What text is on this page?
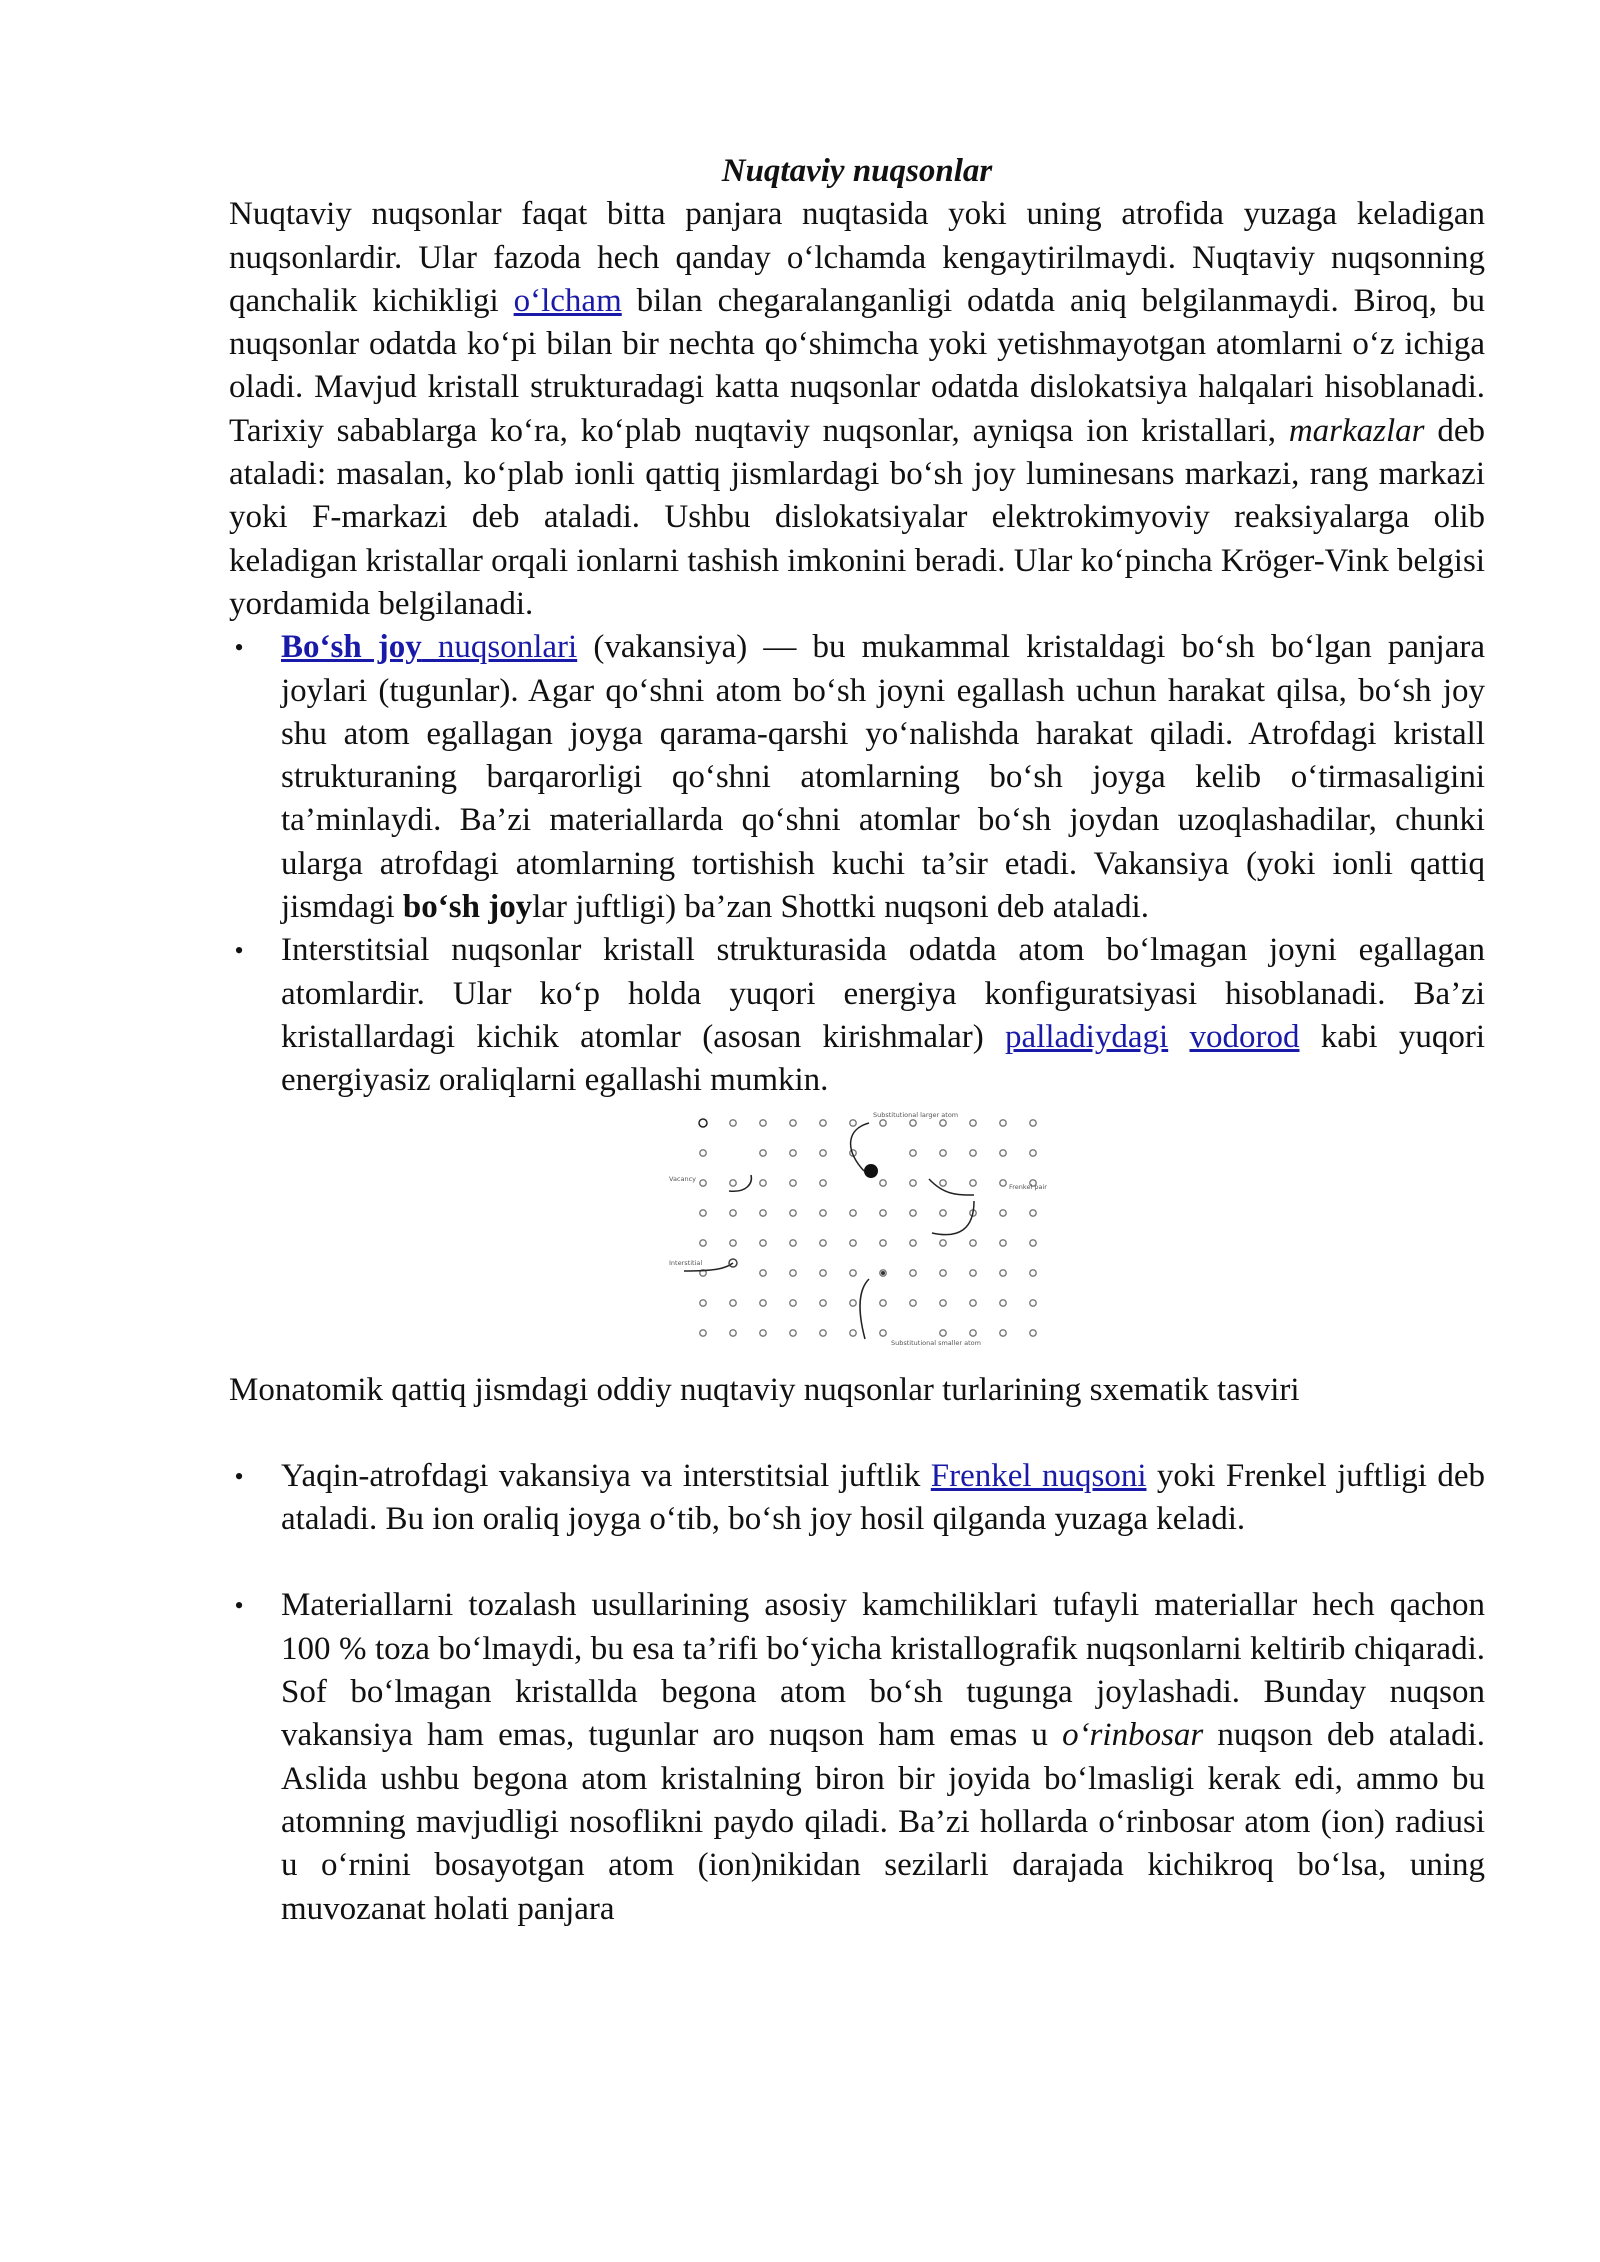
Nuqtaviy nuqsonlar

Nuqtaviy nuqsonlar faqat bitta panjara nuqtasida yoki uning atrofida yuzaga keladigan nuqsonlardir. Ular fazoda hech qanday o‘lchamda kengaytirilmaydi. Nuqtaviy nuqsonning qanchalik kichikligi o‘lcham bilan chegaralanganligi odatda aniq belgilanmaydi. Biroq, bu nuqsonlar odatda ko‘pi bilan bir nechta qo‘shimcha yoki yetishmayotgan atomlarni o‘z ichiga oladi. Mavjud kristall strukturadagi katta nuqsonlar odatda dislokatsiya halqalari hisoblanadi. Tarixiy sabablarga ko‘ra, ko‘plab nuqtaviy nuqsonlar, ayniqsa ion kristallari, markazlar deb ataladi: masalan, ko‘plab ionli qattiq jismlardagi bo‘sh joy luminesans markazi, rang markazi yoki F-markazi deb ataladi. Ushbu dislokatsiyalar elektrokimyoviy reaksiyalarga olib keladigan kristallar orqali ionlarni tashish imkonini beradi. Ular ko‘pincha Kröger-Vink belgisi yordamida belgilanadi.

• Bo‘sh joy nuqsonlari (vakansiya) — bu mukammal kristaldagi bo‘sh bo‘lgan panjara joylari (tugunlar). Agar qo‘shni atom bo‘sh joyni egallash uchun harakat qilsa, bo‘sh joy shu atom egallagan joyga qarama-qarshi yo‘nalishda harakat qiladi. Atrofdagi kristall strukturaning barqarorligi qo‘shni atomlarning bo‘sh joyga kelib o‘tirmasaligini ta’minlaydi. Ba’zi materiallarda qo‘shni atomlar bo‘sh joydan uzoqlashadilar, chunki ularga atrofdagi atomlarning tortishish kuchi ta’sir etadi. Vakansiya (yoki ionli qattiq jismdagi bo‘sh joylar juftligi) ba’zan Shottki nuqsoni deb ataladi.
• Interstitsial nuqsonlar kristall strukturasida odatda atom bo‘lmagan joyni egallagan atomlardir. Ular ko‘p holda yuqori energiya konfiguratsiyasi hisoblanadi. Ba’zi kristallardagi kichik atomlar (asosan kirishmalar) palladiydagi vodorod kabi yuqori energiyasiz oraliqlarni egallashi mumkin.
Substitutional larger atom
Vacancy
Frenkel pair
Interstitial
Substitutional smaller atom

Monatomik qattiq jismdagi oddiy nuqtaviy nuqsonlar turlarining sxematik tasviri

• Yaqin-atrofdagi vakansiya va interstitsial juftlik Frenkel nuqsoni yoki Frenkel juftligi deb ataladi. Bu ion oraliq joyga o‘tib, bo‘sh joy hosil qilganda yuzaga keladi.
• Materiallarni tozalash usullarining asosiy kamchiliklari tufayli materiallar hech qachon 100 % toza bo‘lmaydi, bu esa ta’rifi bo‘yicha kristallografik nuqsonlarni keltirib chiqaradi. Sof bo‘lmagan kristallda begona atom bo‘sh tugunga joylashadi. Bunday nuqson vakansiya ham emas, tugunlar aro nuqson ham emas u o‘rinbosar nuqson deb ataladi. Aslida ushbu begona atom kristalning biron bir joyida bo‘lmasligi kerak edi, ammo bu atomning mavjudligi nosoflikni paydo qiladi. Ba’zi hollarda o‘rinbosar atom (ion) radiusi u o‘rnini bosayotgan atom (ion)nikidan sezilarli darajada kichikroq bo‘lsa, uning muvozanat holati panjara
